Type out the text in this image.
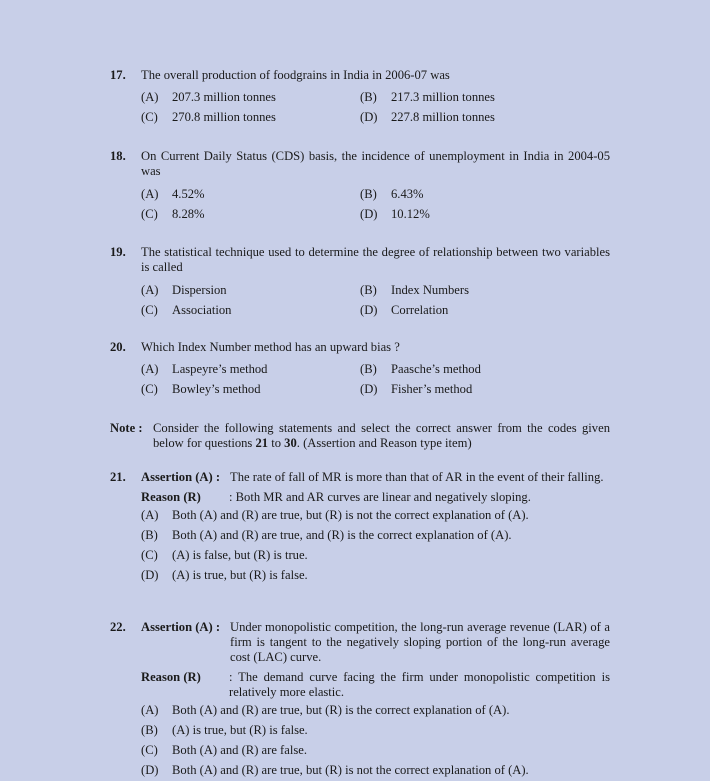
17.	The overall production of foodgrains in India in 2006-07 was
(A)	207.3 million tonnes	(B)	217.3 million tonnes
(C)	270.8 million tonnes	(D)	227.8 million tonnes
18.	On Current Daily Status (CDS) basis, the incidence of unemployment in India in 2004-05 was
(A)	4.52%	(B)	6.43%
(C)	8.28%	(D)	10.12%
19.	The statistical technique used to determine the degree of relationship between two variables is called
(A)	Dispersion	(B)	Index Numbers
(C)	Association	(D)	Correlation
20.	Which Index Number method has an upward bias ?
(A)	Laspeyre’s method	(B)	Paasche’s method
(C)	Bowley’s method	(D)	Fisher’s method
Note : Consider the following statements and select the correct answer from the codes given below for questions 21 to 30. (Assertion and Reason type item)
21.	Assertion (A) : The rate of fall of MR is more than that of AR in the event of their falling.
Reason (R)	: Both MR and AR curves are linear and negatively sloping.
(A)	Both (A) and (R) are true, but (R) is not the correct explanation of (A).
(B)	Both (A) and (R) are true, and (R) is the correct explanation of (A).
(C)	(A) is false, but (R) is true.
(D)	(A) is true, but (R) is false.
22.	Assertion (A) : Under monopolistic competition, the long-run average revenue (LAR) of a firm is tangent to the negatively sloping portion of the long-run average cost (LAC) curve.
Reason (R)	: The demand curve facing the firm under monopolistic competition is relatively more elastic.
(A)	Both (A) and (R) are true, but (R) is the correct explanation of (A).
(B)	(A) is true, but (R) is false.
(C)	Both (A) and (R) are false.
(D)	Both (A) and (R) are true, but (R) is not the correct explanation of (A).
